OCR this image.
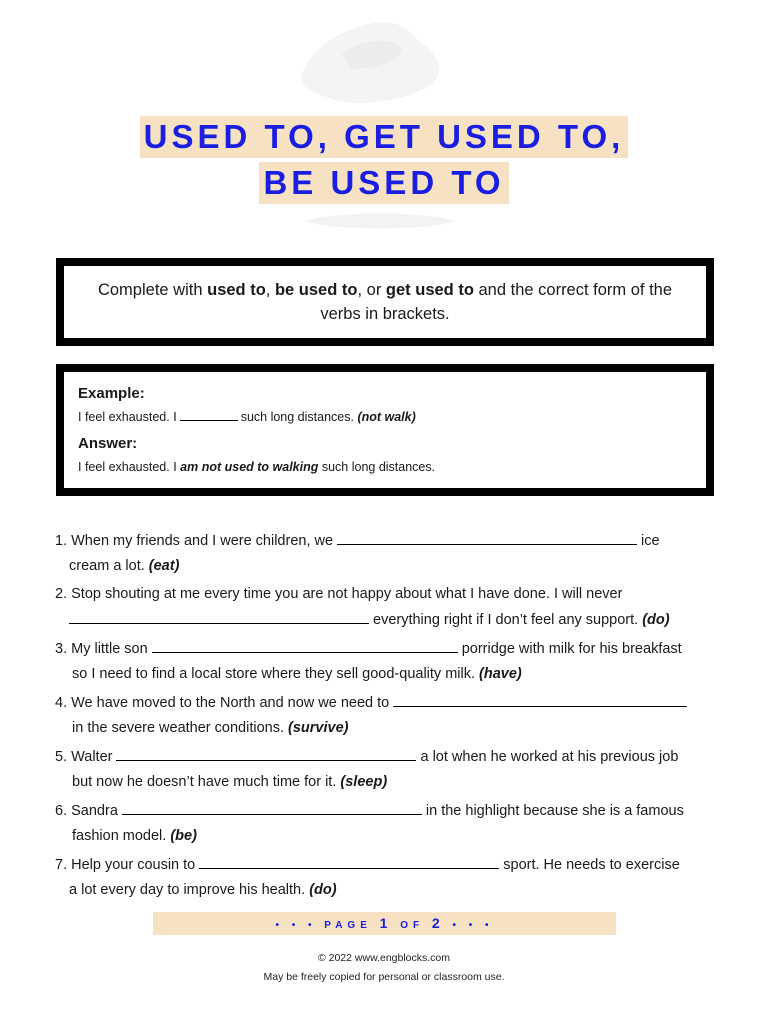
USED TO, GET USED TO,
BE USED TO
Complete with used to, be used to, or get used to and the correct form of the verbs in brackets.
Example:
I feel exhausted. I	such long distances. (not walk)
Answer:
I feel exhausted. I am not used to walking such long distances.
1. When my friends and I were children, we	ice
cream a lot. (eat)
2. Stop shouting at me every time you are not happy about what I have done. I will never
everything right if I don’t feel any support. (do)
3. My little son	porridge with milk for his breakfast
so I need to find a local store where they sell good-quality milk. (have)
4. We have moved to the North and now we need to
in the severe weather conditions. (survive)
5. Walter	a lot when he worked at his previous job
but now he doesn’t have much time for it. (sleep)
6. Sandra	in the highlight because she is a famous
fashion model. (be)
7. Help your cousin to	sport. He needs to exercise
a lot every day to improve his health. (do)
• • • PAGE 1 OF 2 • • •
© 2022 www.engblocks.com
May be freely copied for personal or classroom use.
